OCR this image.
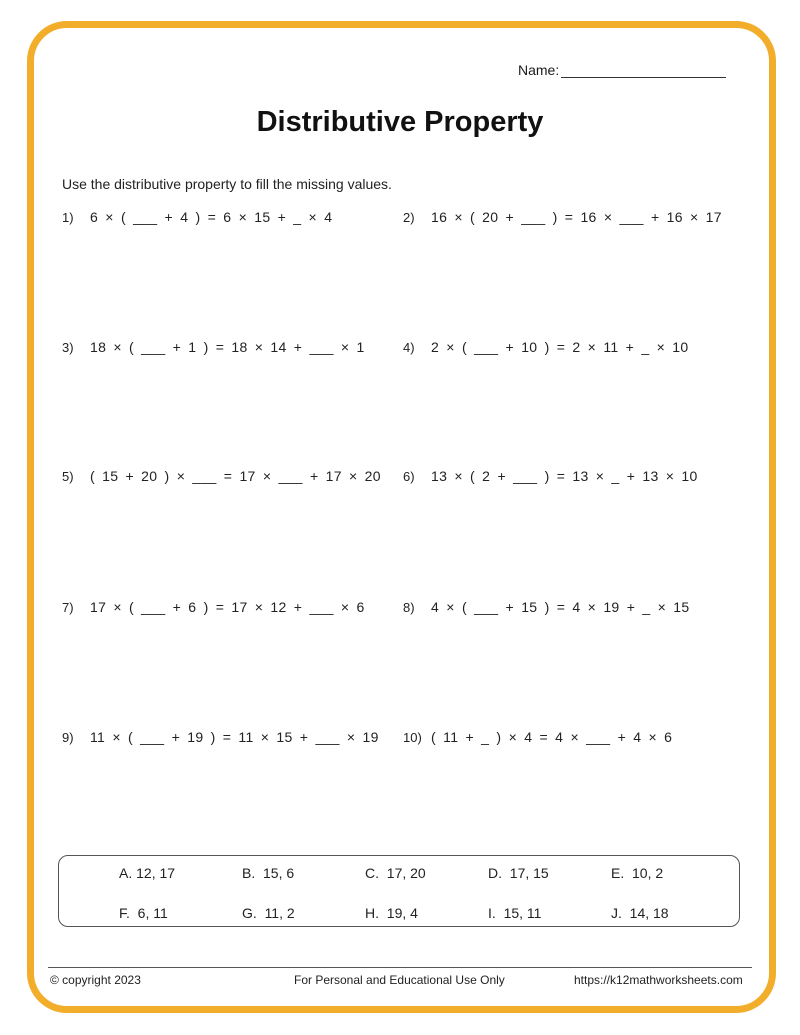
Name:
Distributive Property
Use the distributive property to fill the missing values.
1)	6 × ( ___ + 4 ) = 6 × 15 + _ × 4	2)	16 × ( 20 + ___ ) = 16 × ___ + 16 × 17
3)	18 × ( ___ + 1 ) = 18 × 14 + ___ × 1	4)	2 × ( ___ + 10 ) = 2 × 11 + _ × 10
5)	( 15 + 20 ) × ___ = 17 × ___ + 17 × 20 6)	13 × ( 2 + ___ ) = 13 × _ + 13 × 10
7)	17 × ( ___ + 6 ) = 17 × 12 + ___ × 6	8)	4 × ( ___ + 15 ) = 4 × 19 + _ × 15
9)	11 × ( ___ + 19 ) = 11 × 15 + ___ × 19 10) ( 11 + _ ) × 4 = 4 × ___ + 4 × 6
A. 12, 17	B. 15, 6	C. 17, 20	D. 17, 15	E. 10, 2
F. 6, 11	G. 11, 2	H. 19, 4	I. 15, 11	J. 14, 18
© copyright 2023	For Personal and Educational Use Only	https://k12mathworksheets.com
